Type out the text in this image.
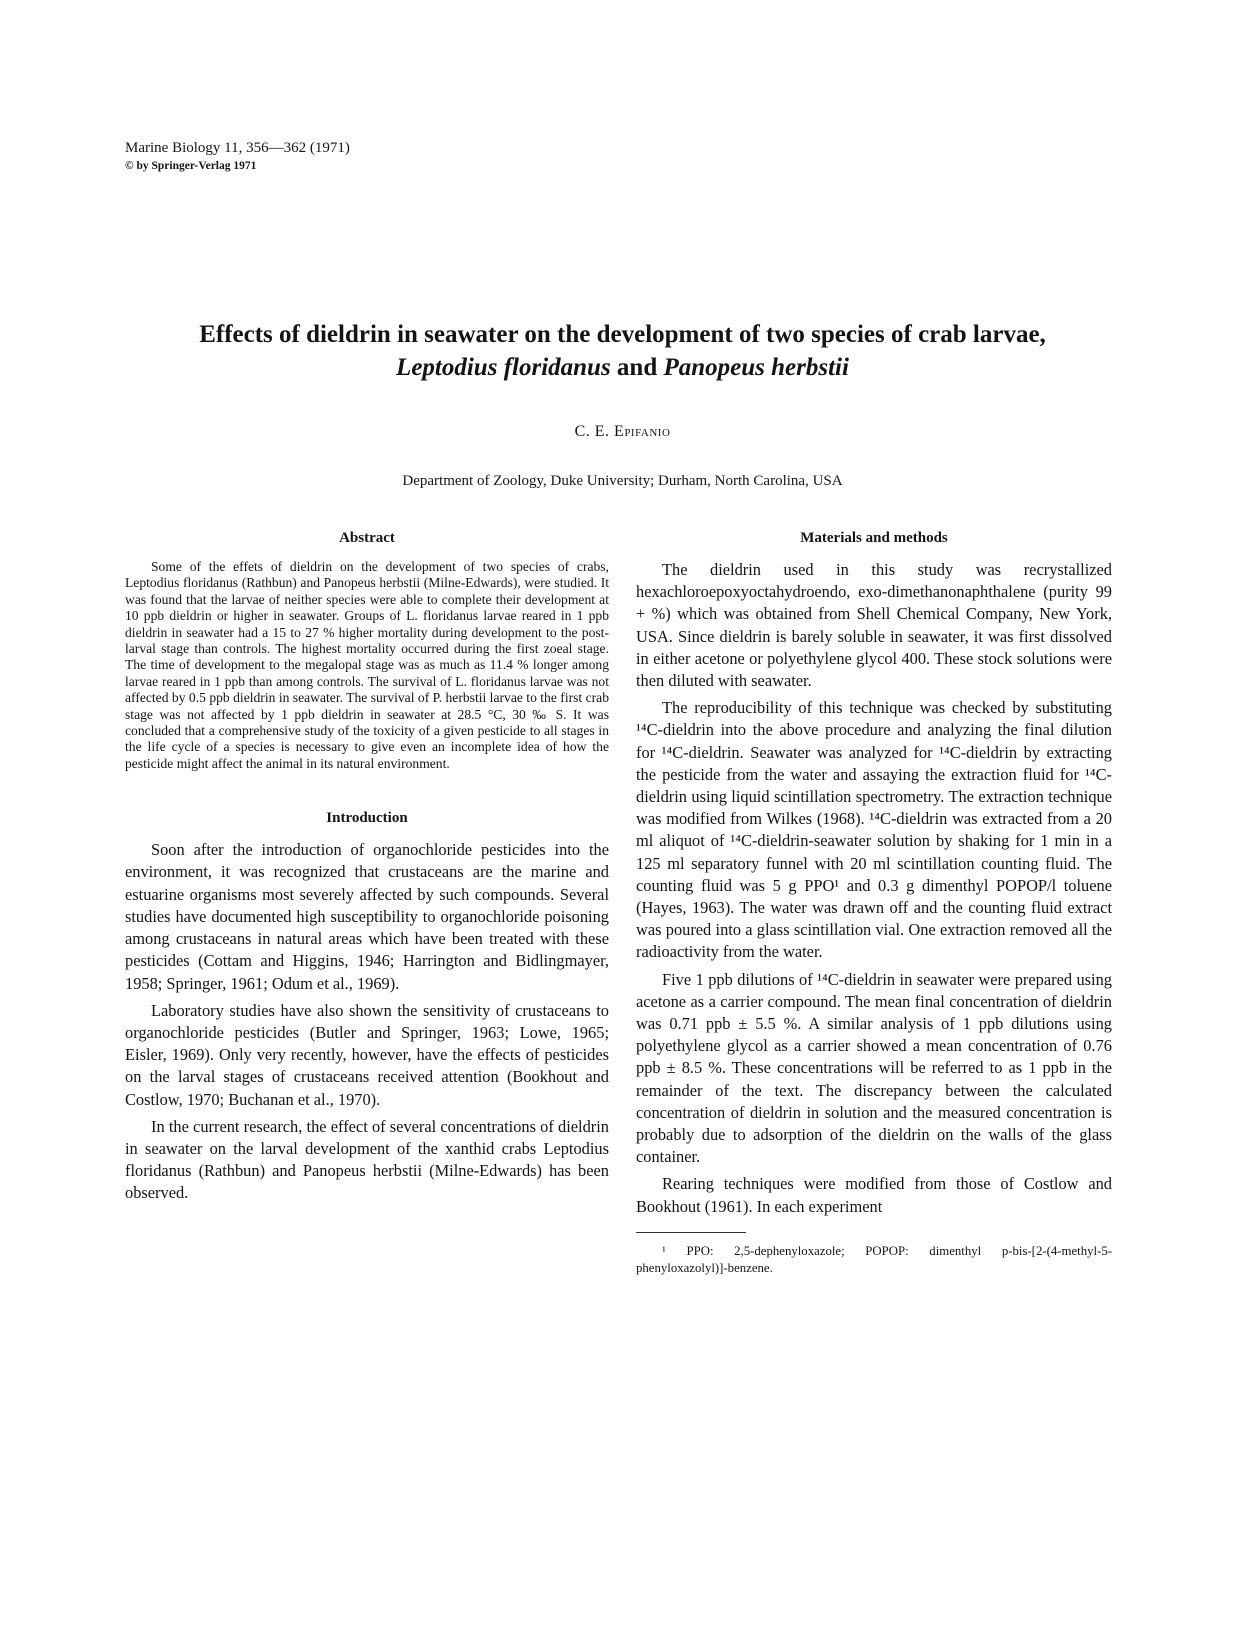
Marine Biology 11, 356—362 (1971)
© by Springer-Verlag 1971
Effects of dieldrin in seawater on the development of two species of crab larvae,
Leptodius floridanus and Panopeus herbstii
C. E. Epifanio
Department of Zoology, Duke University; Durham, North Carolina, USA
Abstract

Some of the effets of dieldrin on the development of two species of crabs, Leptodius floridanus (Rathbun) and Panopeus herbstii (Milne-Edwards), were studied. It was found that the larvae of neither species were able to complete their development at 10 ppb dieldrin or higher in seawater. Groups of L. floridanus larvae reared in 1 ppb dieldrin in seawater had a 15 to 27 % higher mortality during development to the post-larval stage than controls. The highest mortality occurred during the first zoeal stage. The time of development to the megalopal stage was as much as 11.4 % longer among larvae reared in 1 ppb than among controls. The survival of L. floridanus larvae was not affected by 0.5 ppb dieldrin in seawater. The survival of P. herbstii larvae to the first crab stage was not affected by 1 ppb dieldrin in seawater at 28.5 °C, 30 ‰ S. It was concluded that a comprehensive study of the toxicity of a given pesticide to all stages in the life cycle of a species is necessary to give even an incomplete idea of how the pesticide might affect the animal in its natural environment.

Introduction

Soon after the introduction of organochloride pesticides into the environment, it was recognized that crustaceans are the marine and estuarine organisms most severely affected by such compounds. Several studies have documented high susceptibility to organochloride poisoning among crustaceans in natural areas which have been treated with these pesticides (Cottam and Higgins, 1946; Harrington and Bidlingmayer, 1958; Springer, 1961; Odum et al., 1969).

Laboratory studies have also shown the sensitivity of crustaceans to organochloride pesticides (Butler and Springer, 1963; Lowe, 1965; Eisler, 1969). Only very recently, however, have the effects of pesticides on the larval stages of crustaceans received attention (Bookhout and Costlow, 1970; Buchanan et al., 1970).

In the current research, the effect of several concentrations of dieldrin in seawater on the larval development of the xanthid crabs Leptodius floridanus (Rathbun) and Panopeus herbstii (Milne-Edwards) has been observed.

Materials and methods

The dieldrin used in this study was recrystallized hexachloroepoxyoctahydroendo, exo-dimethanonaphthalene (purity 99 + %) which was obtained from Shell Chemical Company, New York, USA. Since dieldrin is barely soluble in seawater, it was first dissolved in either acetone or polyethylene glycol 400. These stock solutions were then diluted with seawater.

The reproducibility of this technique was checked by substituting ¹⁴C-dieldrin into the above procedure and analyzing the final dilution for ¹⁴C-dieldrin. Seawater was analyzed for ¹⁴C-dieldrin by extracting the pesticide from the water and assaying the extraction fluid for ¹⁴C-dieldrin using liquid scintillation spectrometry. The extraction technique was modified from Wilkes (1968). ¹⁴C-dieldrin was extracted from a 20 ml aliquot of ¹⁴C-dieldrin-seawater solution by shaking for 1 min in a 125 ml separatory funnel with 20 ml scintillation counting fluid. The counting fluid was 5 g PPO¹ and 0.3 g dimenthyl POPOP/l toluene (Hayes, 1963). The water was drawn off and the counting fluid extract was poured into a glass scintillation vial. One extraction removed all the radioactivity from the water.

Five 1 ppb dilutions of ¹⁴C-dieldrin in seawater were prepared using acetone as a carrier compound. The mean final concentration of dieldrin was 0.71 ppb ± 5.5 %. A similar analysis of 1 ppb dilutions using polyethylene glycol as a carrier showed a mean concentration of 0.76 ppb ± 8.5 %. These concentrations will be referred to as 1 ppb in the remainder of the text. The discrepancy between the calculated concentration of dieldrin in solution and the measured concentration is probably due to adsorption of the dieldrin on the walls of the glass container.

Rearing techniques were modified from those of Costlow and Bookhout (1961). In each experiment

¹ PPO: 2,5-dephenyloxazole; POPOP: dimenthyl p-bis-[2-(4-methyl-5-phenyloxazolyl)]-benzene.
